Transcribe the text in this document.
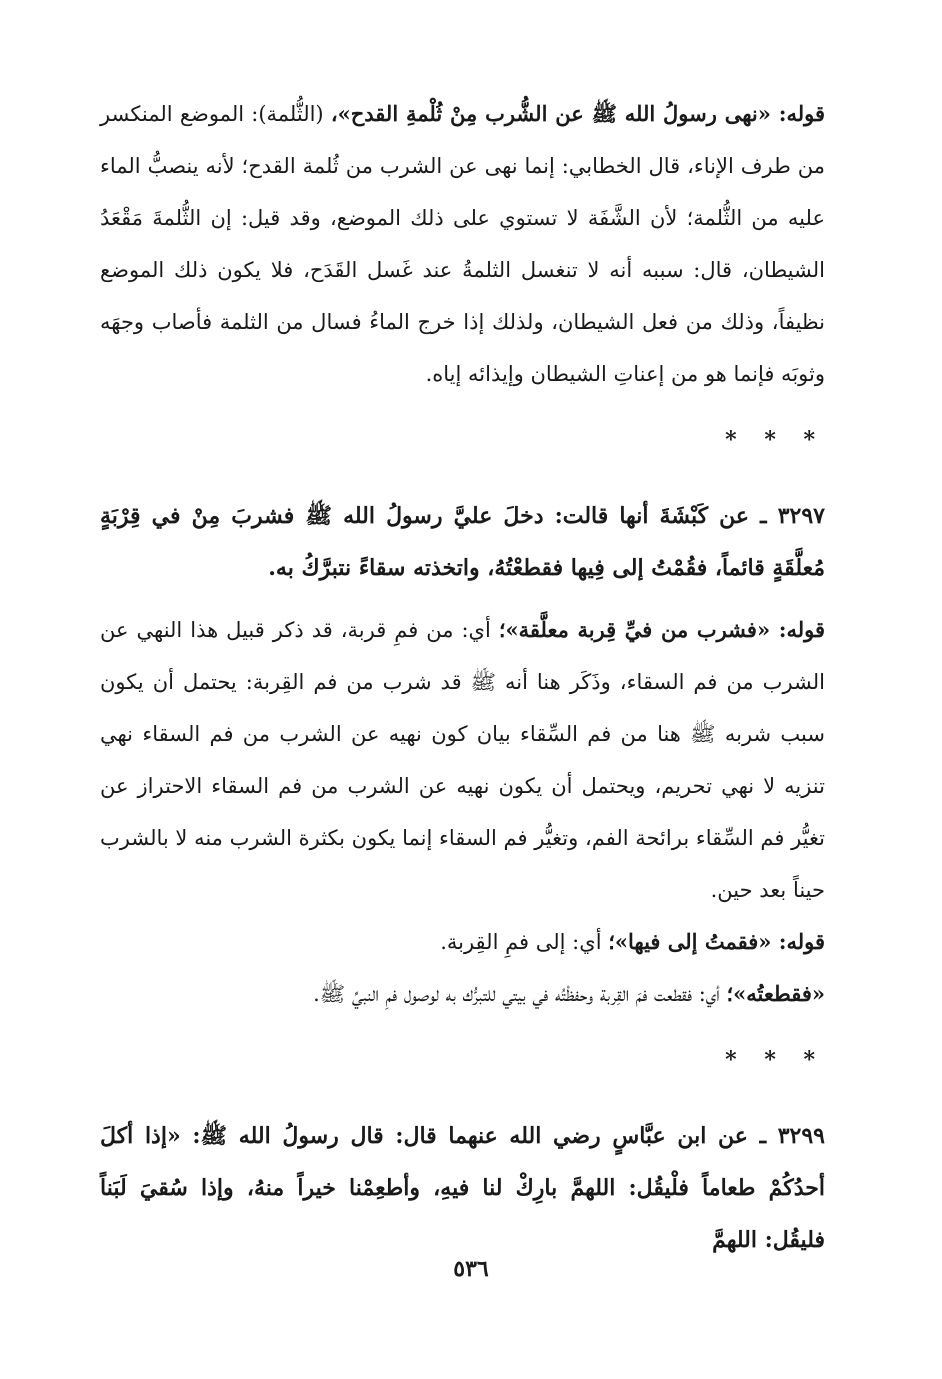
قوله: «نهى رسولُ الله ﷺ عن الشُّرب مِنْ ثُلْمةِ القدح»، (الثُّلمة): الموضع المنكسر من طرف الإناء، قال الخطابي: إنما نهى عن الشرب من ثُلمة القدح؛ لأنه ينصبُّ الماء عليه من الثُّلمة؛ لأن الشَّفَة لا تستوي على ذلك الموضع، وقد قيل: إن الثُّلمةَ مَقْعَدُ الشيطان، قال: سببه أنه لا تنغسل الثلمةُ عند غَسل القَدَح، فلا يكون ذلك الموضع نظيفاً، وذلك من فعل الشيطان، ولذلك إذا خرج الماءُ فسال من الثلمة فأصاب وجهَه وثوبَه فإنما هو من إعناتِ الشيطان وإيذائه إياه.

* * *

٣٢٩٧ ـ عن كَبْشَةَ أنها قالت: دخلَ عليَّ رسولُ الله ﷺ فشربَ مِنْ في قِرْبَةٍ مُعلَّقَةٍ قائماً، فقُمْتُ إلى فِيها فقطعْتُهُ، واتخذته سقاءً نتبرَّكُ به.

قوله: «فشرب من فيِّ قِربة معلَّقة»؛ أي: من فمِ قربة، قد ذكر قبيل هذا النهي عن الشرب من فم السقاء، وذَكَر هنا أنه ﷺ قد شرب من فم القِربة: يحتمل أن يكون سبب شربه ﷺ هنا من فم السِّقاء بيان كون نهيه عن الشرب من فم السقاء نهي تنزيه لا نهي تحريم، ويحتمل أن يكون نهيه عن الشرب من فم السقاء الاحتراز عن تغيُّر فم السِّقاء برائحة الفم، وتغيُّر فم السقاء إنما يكون بكثرة الشرب منه لا بالشرب حيناً بعد حين.

قوله: «فقمتُ إلى فيها»؛ أي: إلى فمِ القِربة.

«فقطعتُه»؛ أي: فقطعت فمَ القِربة وحفظْتُه في بيتي للتبرُّك به لوصول فمِ النبيِّ ﷺ.

* * *

٣٢٩٩ ـ عن ابن عبَّاسٍ رضي الله عنهما قال: قال رسولُ الله ﷺ: «إذا أكلَ أحدُكُمْ طعاماً فلْيقُل: اللهمَّ بارِكْ لنا فيهِ، وأطعِمْنا خيراً منهُ، وإذا سُقيَ لَبَناً فليقُل: اللهمَّ

٥٣٦
